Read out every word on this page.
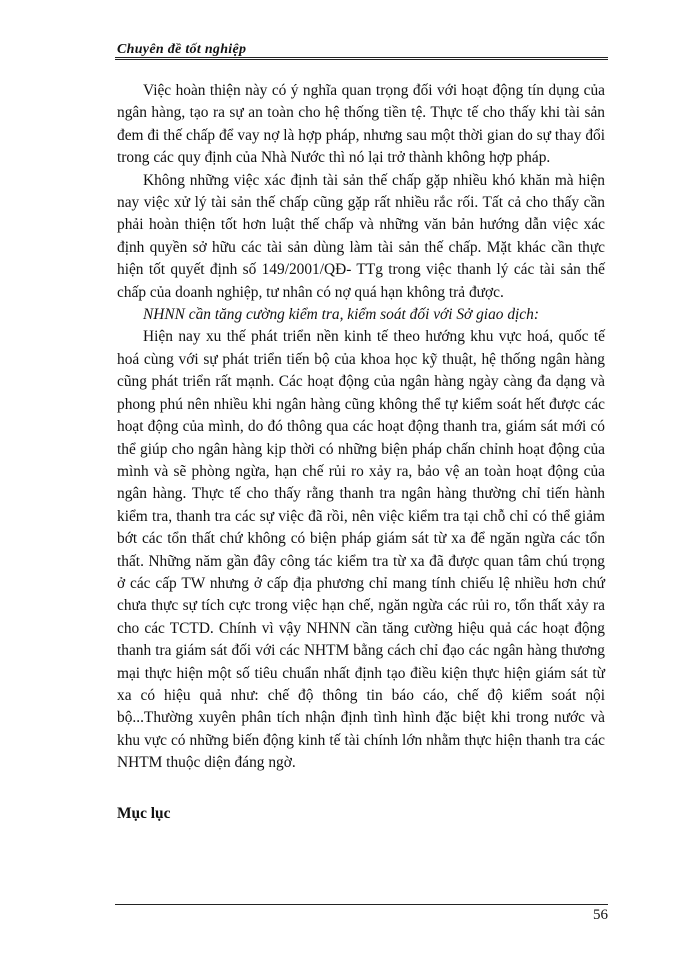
Chuyên đề tốt nghiệp

Việc hoàn thiện này có ý nghĩa quan trọng đối với hoạt động tín dụng của ngân hàng, tạo ra sự an toàn cho hệ thống tiền tệ. Thực tế cho thấy khi tài sản đem đi thế chấp để vay nợ là hợp pháp, nhưng sau một thời gian do sự thay đổi trong các quy định của Nhà Nước thì nó lại trở thành không hợp pháp.

Không những việc xác định tài sản thế chấp gặp nhiều khó khăn mà hiện nay việc xử lý tài sản thế chấp cũng gặp rất nhiều rắc rối. Tất cả cho thấy cần phải hoàn thiện tốt hơn luật thế chấp và những văn bản hướng dẫn việc xác định quyền sở hữu các tài sản dùng làm tài sản thế chấp. Mặt khác cần thực hiện tốt quyết định số 149/2001/QĐ- TTg trong việc thanh lý các tài sản thế chấp của doanh nghiệp, tư nhân có nợ quá hạn không trả được.

NHNN cần tăng cường kiểm tra, kiểm soát đối với Sở giao dịch:

Hiện nay xu thế phát triển nền kinh tế theo hướng khu vực hoá, quốc tế hoá cùng với sự phát triển tiến bộ của khoa học kỹ thuật, hệ thống ngân hàng cũng phát triển rất mạnh. Các hoạt động của ngân hàng ngày càng đa dạng và phong phú nên nhiều khi ngân hàng cũng không thể tự kiểm soát hết được các hoạt động của mình, do đó thông qua các hoạt động thanh tra, giám sát mới có thể giúp cho ngân hàng kịp thời có những biện pháp chấn chỉnh hoạt động của mình và sẽ phòng ngừa, hạn chế rủi ro xảy ra, bảo vệ an toàn hoạt động của ngân hàng. Thực tế cho thấy rằng thanh tra ngân hàng thường chỉ tiến hành kiểm tra, thanh tra các sự việc đã rồi, nên việc kiểm tra tại chỗ chỉ có thể giảm bớt các tổn thất chứ không có biện pháp giám sát từ xa để ngăn ngừa các tổn thất. Những năm gần đây công tác kiểm tra từ xa đã được quan tâm chú trọng ở các cấp TW nhưng ở cấp địa phương chỉ mang tính chiếu lệ nhiều hơn chứ chưa thực sự tích cực trong việc hạn chế, ngăn ngừa các rủi ro, tổn thất xảy ra cho các TCTD. Chính vì vậy NHNN cần tăng cường hiệu quả các hoạt động thanh tra giám sát đối với các NHTM bằng cách chỉ đạo các ngân hàng thương mại thực hiện một số tiêu chuẩn nhất định tạo điều kiện thực hiện giám sát từ xa có hiệu quả như: chế độ thông tin báo cáo, chế độ kiểm soát nội bộ...Thường xuyên phân tích nhận định tình hình đặc biệt khi trong nước và khu vực có những biến động kinh tế tài chính lớn nhằm thực hiện thanh tra các NHTM thuộc diện đáng ngờ.

Mục lục
56
